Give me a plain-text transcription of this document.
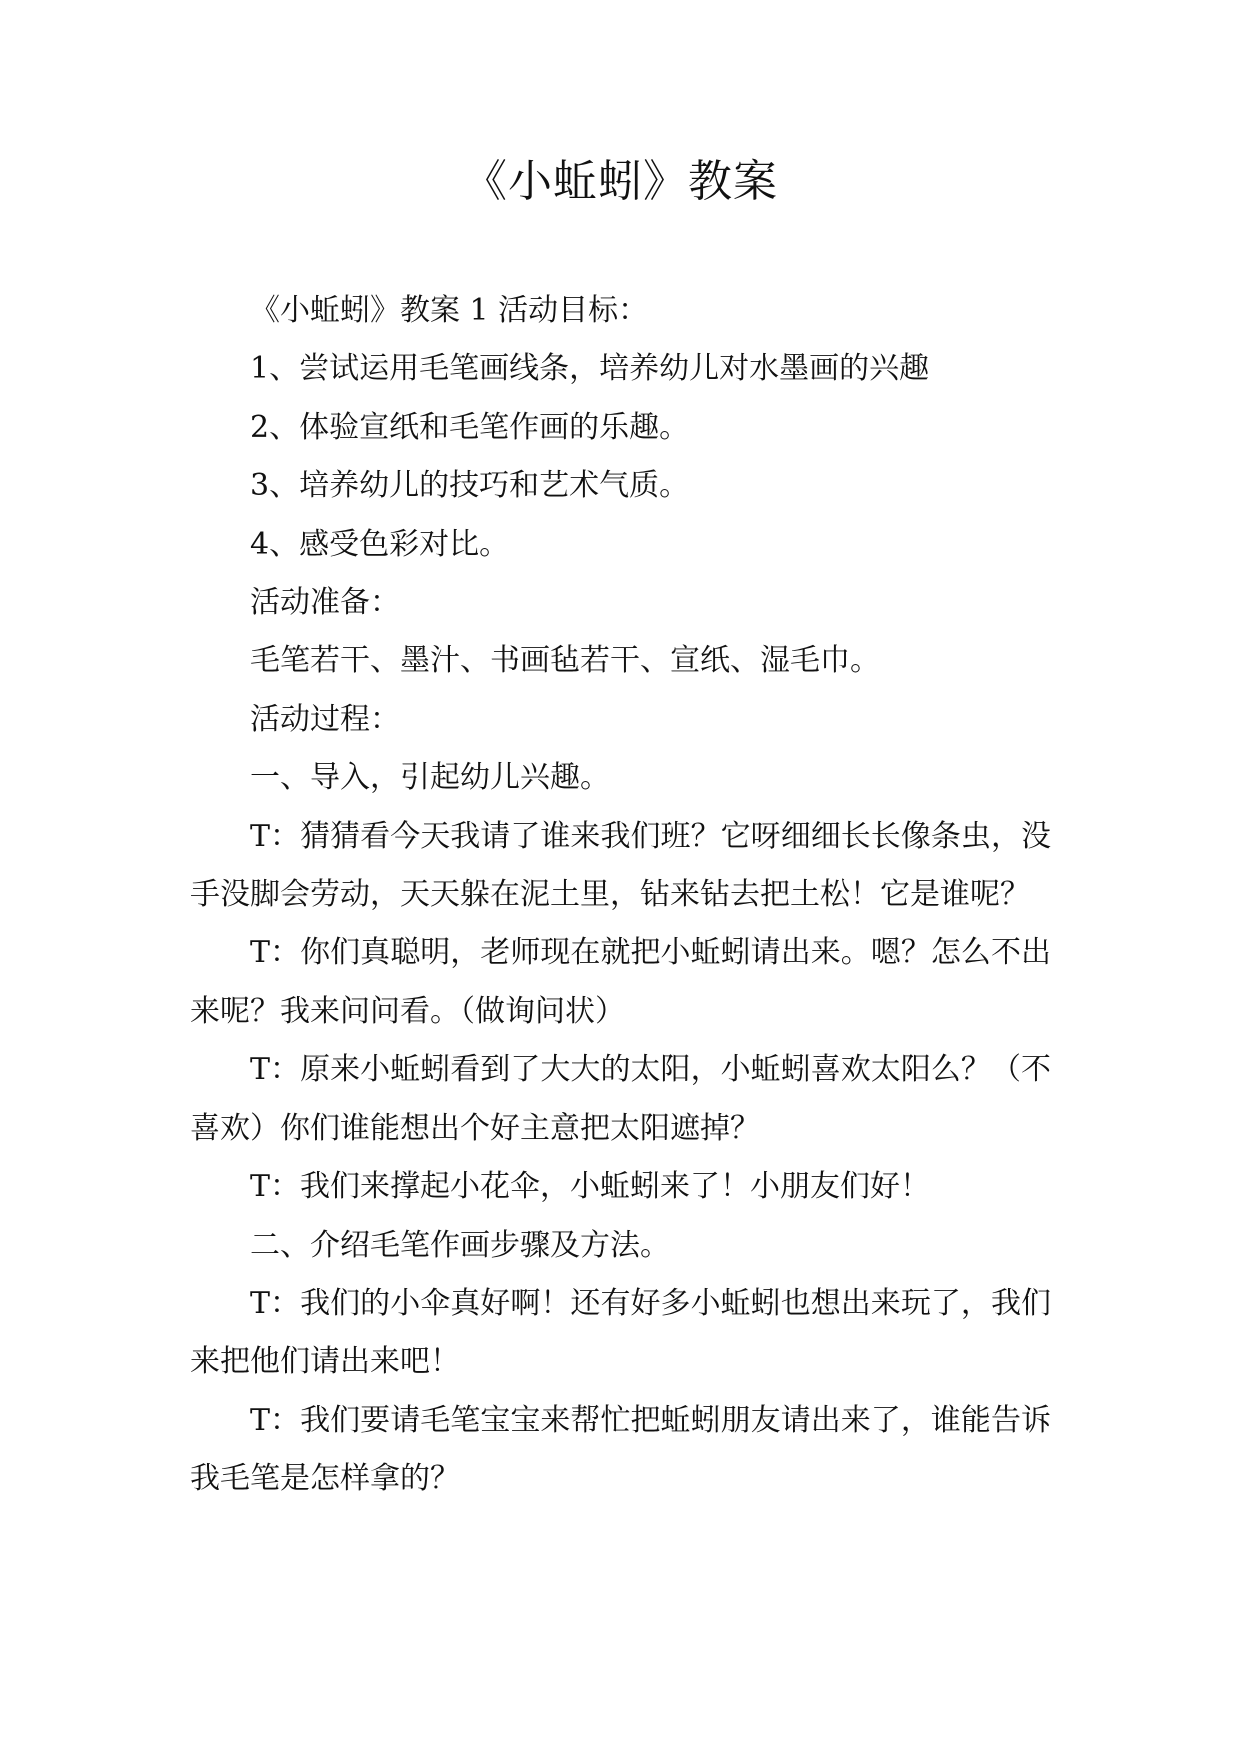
《小蚯蚓》教案

《小蚯蚓》教案 1 活动目标：

1、尝试运用毛笔画线条，培养幼儿对水墨画的兴趣

2、体验宣纸和毛笔作画的乐趣。

3、培养幼儿的技巧和艺术气质。

4、感受色彩对比。

活动准备：

毛笔若干、墨汁、书画毡若干、宣纸、湿毛巾。

活动过程：

一、导入，引起幼儿兴趣。

T：猜猜看今天我请了谁来我们班？它呀细细长长像条虫，没手没脚会劳动，天天躲在泥土里，钻来钻去把土松！它是谁呢？

T：你们真聪明，老师现在就把小蚯蚓请出来。嗯？怎么不出来呢？我来问问看。（做询问状）

T：原来小蚯蚓看到了大大的太阳，小蚯蚓喜欢太阳么？（不喜欢）你们谁能想出个好主意把太阳遮掉？

T：我们来撑起小花伞，小蚯蚓来了！小朋友们好！

二、介绍毛笔作画步骤及方法。

T：我们的小伞真好啊！还有好多小蚯蚓也想出来玩了，我们来把他们请出来吧！

T：我们要请毛笔宝宝来帮忙把蚯蚓朋友请出来了，谁能告诉我毛笔是怎样拿的？
